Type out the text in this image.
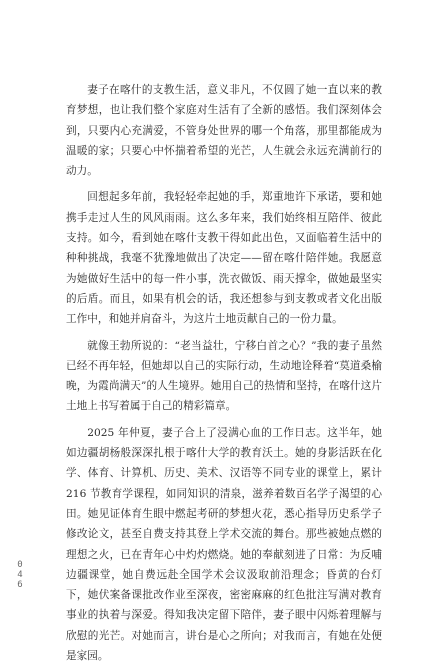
妻子在喀什的支教生活，意义非凡，不仅圆了她一直以来的教育梦想，也让我们整个家庭对生活有了全新的感悟。我们深刻体会到，只要内心充满爱，不管身处世界的哪一个角落，那里都能成为温暖的家；只要心中怀揣着希望的光芒，人生就会永远充满前行的动力。

回想起多年前，我轻轻牵起她的手，郑重地许下承诺，要和她携手走过人生的风风雨雨。这么多年来，我们始终相互陪伴、彼此支持。如今，看到她在喀什支教干得如此出色，又面临着生活中的种种挑战，我毫不犹豫地做出了决定——留在喀什陪伴她。我愿意为她做好生活中的每一件小事，洗衣做饭、雨天撑伞，做她最坚实的后盾。而且，如果有机会的话，我还想参与到支教或者文化出版工作中，和她并肩奋斗，为这片土地贡献自己的一份力量。

就像王勃所说的：“老当益壮，宁移白首之心？”我的妻子虽然已经不再年轻，但她却以自己的实际行动，生动地诠释着“莫道桑榆晚，为霞尚满天”的人生境界。她用自己的热情和坚持，在喀什这片土地上书写着属于自己的精彩篇章。

2025 年仲夏，妻子合上了浸满心血的工作日志。这半年，她如边疆胡杨般深深扎根于喀什大学的教育沃土。她的身影活跃在化学、体育、计算机、历史、美术、汉语等不同专业的课堂上，累计 216 节教育学课程，如同知识的清泉，滋养着数百名学子渴望的心田。她见证体育生眼中燃起考研的梦想火花，悉心指导历史系学子修改论文，甚至自费支持其登上学术交流的舞台。那些被她点燃的理想之火，已在青年心中灼灼燃烧。她的奉献刻进了日常：为反哺边疆课堂，她自费远赴全国学术会议汲取前沿理念；昏黄的台灯下，她伏案备课批改作业至深夜，密密麻麻的红色批注写满对教育事业的执着与深爱。得知我决定留下陪伴，妻子眼中闪烁着理解与欣慰的光芒。对她而言，讲台是心之所向；对我而言，有她在处便是家园。

0
4
6
